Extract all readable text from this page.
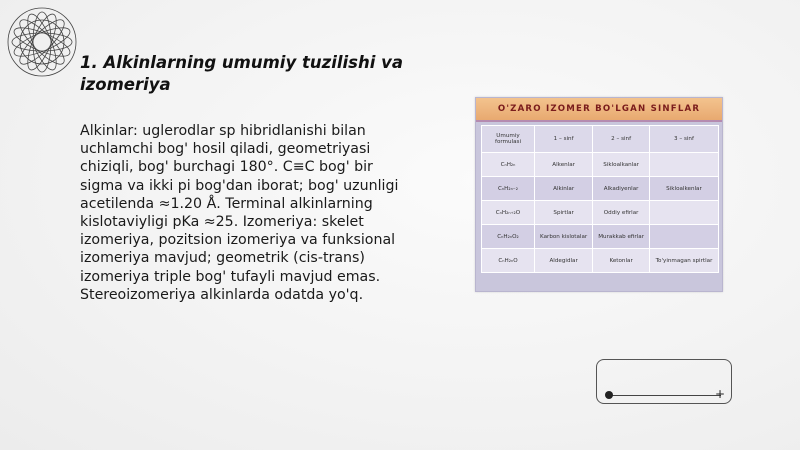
1. Alkinlarning umumiy tuzilishi va izomeriya

Alkinlar: uglerodlar sp hibridlanishi bilan uchlamchi bog' hosil qiladi, geometriyasi chiziqli, bog' burchagi 180°. C≡C bog' bir sigma va ikki pi bog'dan iborat; bog' uzunligi acetilenda ≈1.20 Å. Terminal alkinlarning kislotaviyligi pKa ≈25. Izomeriya: skelet izomeriya, pozitsion izomeriya va funksional izomeriya mavjud; geometrik (cis-trans) izomeriya triple bog' tufayli mavjud emas. Stereoizomeriya alkinlarda odatda yo'q.

O'ZARO IZOMER BO'LGAN SINFLAR
Umumiy formulasi	1 – sinf	2 – sinf	3 – sinf
CₙH₂ₙ	Alkenlar	Sikloalkanlar	
CₙH₂ₙ₋₂	Alkinlar	Alkadiyenlar	Sikloalkenlar
CₙH₂ₙ₊₂O	Spirtlar	Oddiy efirlar	
CₙH₂ₙO₂	Karbon kislotalar	Murakkab efirlar	
CₙH₂ₙO	Aldegidlar	Ketonlar	To'yinmagan spirtlar
+
